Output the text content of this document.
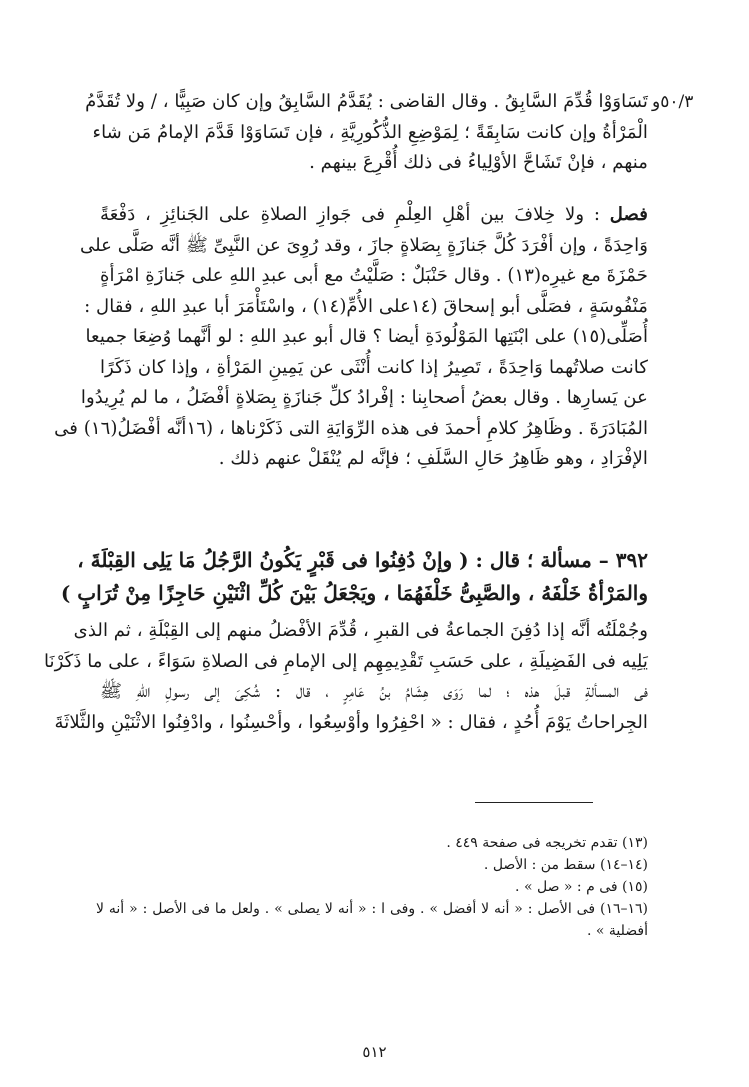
٥٠/٣و
تَسَاوَوْا قُدِّمَ السَّابِقُ . وقال القاضى : يُقَدَّمُ السَّابِقُ وإن كان صَبِيًّا ، / ولا تُقَدَّمُ
الْمَرْأةُ وإن كانت سَابِقَةً ؛ لِمَوْضِعِ الذُّكُورِيَّةِ ، فإن تَسَاوَوْا قَدَّمَ الإمامُ مَن شاء
منهم ، فإنْ تَشَاحَّ الأوْلِياءُ فى ذلك أُقْرِعَ بينهم .
فصل : ولا خِلافَ بين أهْلِ العِلْمِ فى جَوازِ الصلاةِ على الجَنائِزِ ، دَفْعَةً
وَاحِدَةً ، وإن أفْرَدَ كُلَّ جَنازَةٍ بِصَلاةٍ جازَ ، وقد رُوِىَ عن النَّبِىِّ ﷺ أنَّه صَلَّى على
حَمْزَةَ مع غيرِه(١٣) . وقال حَنْبَلٌ : صَلَّيْتُ مع أبى عبدِ اللهِ على جَنازَةِ امْرَأةٍ
مَنْفُوسَةٍ ، فصَلَّى أبو إسحاقَ (١٤على الأُمِّ(١٤) ، واسْتَأْمَرَ أبا عبدِ اللهِ ، فقال :
أُصَلِّى(١٥) على ابْنَتِها المَوْلُودَةِ أيضا ؟ قال أبو عبدِ اللهِ : لو أنَّهما وُضِعَا جميعا
كانت صلاتُهما وَاحِدَةً ، تَصِيرُ إذا كانت أُنْثَى عن يَمِينِ المَرْأةِ ، وإذا كان ذَكَرًا
عن يَسارِها . وقال بعضُ أصحابِنا : إفْرادُ كلِّ جَنازَةٍ بِصَلاةٍ أفْضَلُ ، ما لم يُرِيدُوا
المُبَادَرَةَ . وظَاهِرُ كلامِ أحمدَ فى هذه الرِّوَايَةِ التى ذَكَرْناها ، (١٦أنَّه أفْضَلُ(١٦) فى
الإفْرَادِ ، وهو ظَاهِرُ حَالِ السَّلَفِ ؛ فإنَّه لم يُنْقَلْ عنهم ذلك .
٣٩٢ – مسألة ؛ قال : ( وإنْ دُفِنُوا فى قَبْرٍ يَكُونُ الرَّجُلُ مَا يَلِى القِبْلَةَ ،
والمَرْأةُ خَلْفَهُ ، والصَّبِىُّ خَلْفَهُمَا ، ويَجْعَلُ بَيْنَ كُلِّ اثْنَيْنِ حَاجِزًا مِنْ تُرَابٍ )
وجُمْلَتُه أنَّه إذا دُفِنَ الجماعةُ فى القبرِ ، قُدِّمَ الأفْضلُ منهم إلى القِبْلَةِ ، ثم الذى
يَلِيه فى الفَضِيلَةِ ، على حَسَبِ تَقْدِيمِهِم إلى الإمامِ فى الصلاةِ سَوَاءً ، على ما ذَكَرْنَا
فى المسألةِ قبلَ هذه ؛ لما رَوَى هِشَامُ بنُ عَامِرٍ ، قال : شُكِىَ إلى رسولِ اللهِ ﷺ
الجِراحاتُ يَوْمَ أُحُدٍ ، فقال : « احْفِرُوا وأوْسِعُوا ، وأحْسِنُوا ، وادْفِنُوا الاثْنَيْنِ والثَّلاثَةَ
(١٣) تقدم تخريجه فى صفحة ٤٤٩ .
(١٤–١٤) سقط من : الأصل .
(١٥) فى م : « صل » .
(١٦–١٦) فى الأصل : « أنه لا أفضل » . وفى ا : « أنه لا يصلى » . ولعل ما فى الأصل : « أنه لا أفضلية » .
٥١٢
